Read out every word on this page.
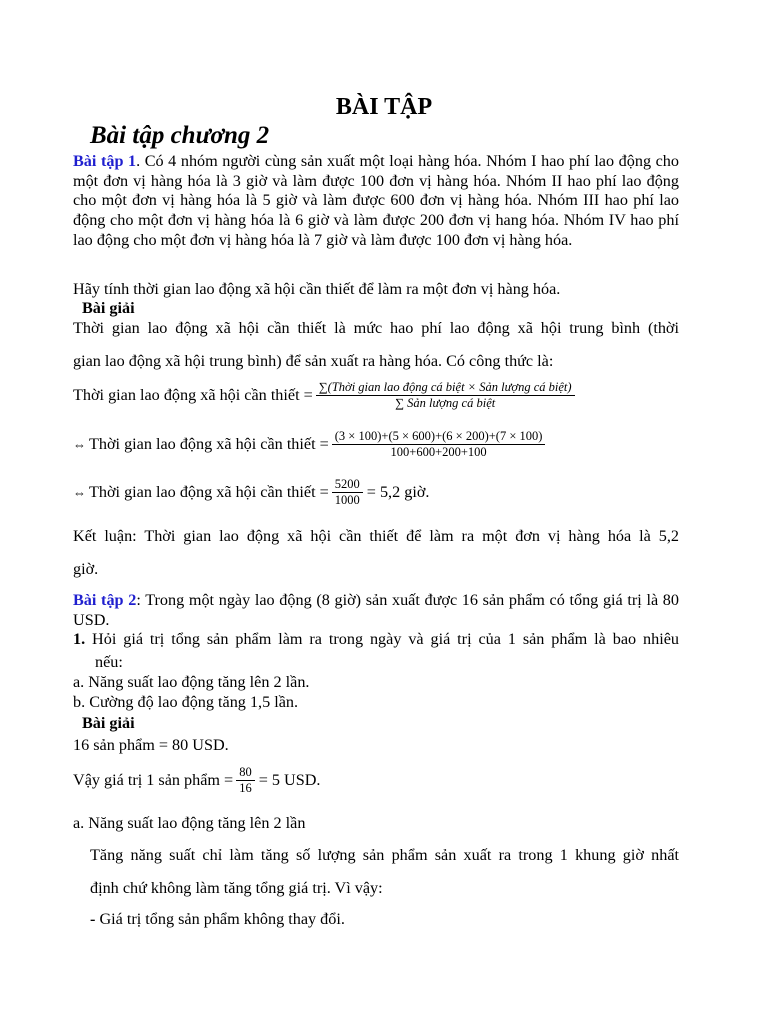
BÀI TẬP
Bài tập chương 2
Bài tập 1. Có 4 nhóm người cùng sản xuất một loại hàng hóa. Nhóm I hao phí lao động cho một đơn vị hàng hóa là 3 giờ và làm được 100 đơn vị hàng hóa. Nhóm II hao phí lao động cho một đơn vị hàng hóa là 5 giờ và làm được 600 đơn vị hàng hóa. Nhóm III hao phí lao động cho một đơn vị hàng hóa là 6 giờ và làm được 200 đơn vị hang hóa. Nhóm IV hao phí lao động cho một đơn vị hàng hóa là 7 giờ và làm được 100 đơn vị hàng hóa.
Hãy tính thời gian lao động xã hội cần thiết để làm ra một đơn vị hàng hóa.
Bài giải
Thời gian lao động xã hội cần thiết là mức hao phí lao động xã hội trung bình (thời
gian lao động xã hội trung bình) để sản xuất ra hàng hóa. Có công thức là:
Thời gian lao động xã hội cần thiết = $\frac{\text{∑(Thời gian lao động cá biệt × Sản lượng cá biệt)}}{\text{∑ Sản lượng cá biệt}}$
⇔ Thời gian lao động xã hội cần thiết = $\frac{(3 \times 100)+(5 \times 600)+(6 \times 200)+(7 \times 100)}{100+600+200+100}$
⇔ Thời gian lao động xã hội cần thiết = $\frac{5200}{1000} = 5,2$ giờ.
Kết luận: Thời gian lao động xã hội cần thiết để làm ra một đơn vị hàng hóa là 5,2
giờ.
Bài tập 2: Trong một ngày lao động (8 giờ) sản xuất được 16 sản phẩm có tổng giá trị là 80 USD.
1. Hỏi giá trị tổng sản phẩm làm ra trong ngày và giá trị của 1 sản phẩm là bao nhiêu
nếu:
a. Năng suất lao động tăng lên 2 lần.
b. Cường độ lao động tăng 1,5 lần.
Bài giải
16 sản phẩm = 80 USD.
Vậy giá trị 1 sản phẩm = $\frac{80}{16} = 5$ USD.
a. Năng suất lao động tăng lên 2 lần
Tăng năng suất chỉ làm tăng số lượng sản phẩm sản xuất ra trong 1 khung giờ nhất
định chứ không làm tăng tổng giá trị. Vì vậy:
- Giá trị tổng sản phẩm không thay đổi.
